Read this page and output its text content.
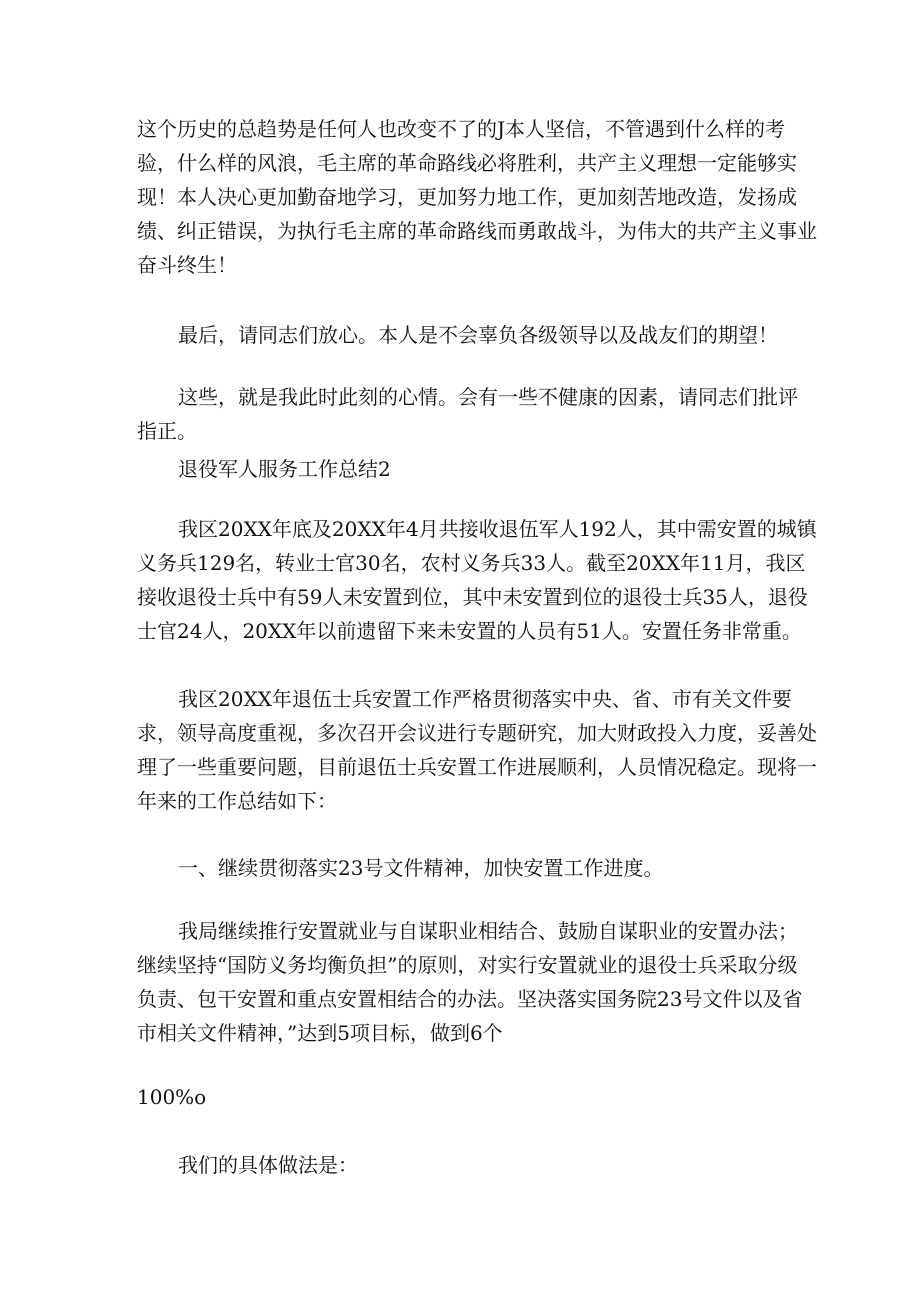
这个历史的总趋势是任何人也改变不了的J本人坚信，不管遇到什么样的考验，什么样的风浪，毛主席的革命路线必将胜利，共产主义理想一定能够实现！本人决心更加勤奋地学习，更加努力地工作，更加刻苦地改造，发扬成绩、纠正错误，为执行毛主席的革命路线而勇敢战斗，为伟大的共产主义事业奋斗终生！

最后，请同志们放心。本人是不会辜负各级领导以及战友们的期望！

这些，就是我此时此刻的心情。会有一些不健康的因素，请同志们批评指正。

退役军人服务工作总结2

我区20XX年底及20XX年4月共接收退伍军人192人，其中需安置的城镇义务兵129名，转业士官30名，农村义务兵33人。截至20XX年11月，我区接收退役士兵中有59人未安置到位，其中未安置到位的退役士兵35人，退役士官24人，20XX年以前遗留下来未安置的人员有51人。安置任务非常重。

我区20XX年退伍士兵安置工作严格贯彻落实中央、省、市有关文件要求，领导高度重视，多次召开会议进行专题研究，加大财政投入力度，妥善处理了一些重要问题，目前退伍士兵安置工作进展顺利，人员情况稳定。现将一年来的工作总结如下：

一、继续贯彻落实23号文件精神，加快安置工作进度。

我局继续推行安置就业与自谋职业相结合、鼓励自谋职业的安置办法；继续坚持“国防义务均衡负担”的原则，对实行安置就业的退役士兵采取分级负责、包干安置和重点安置相结合的办法。坚决落实国务院23号文件以及省市相关文件精神，”达到5项目标，做到6个

100%o

我们的具体做法是：
